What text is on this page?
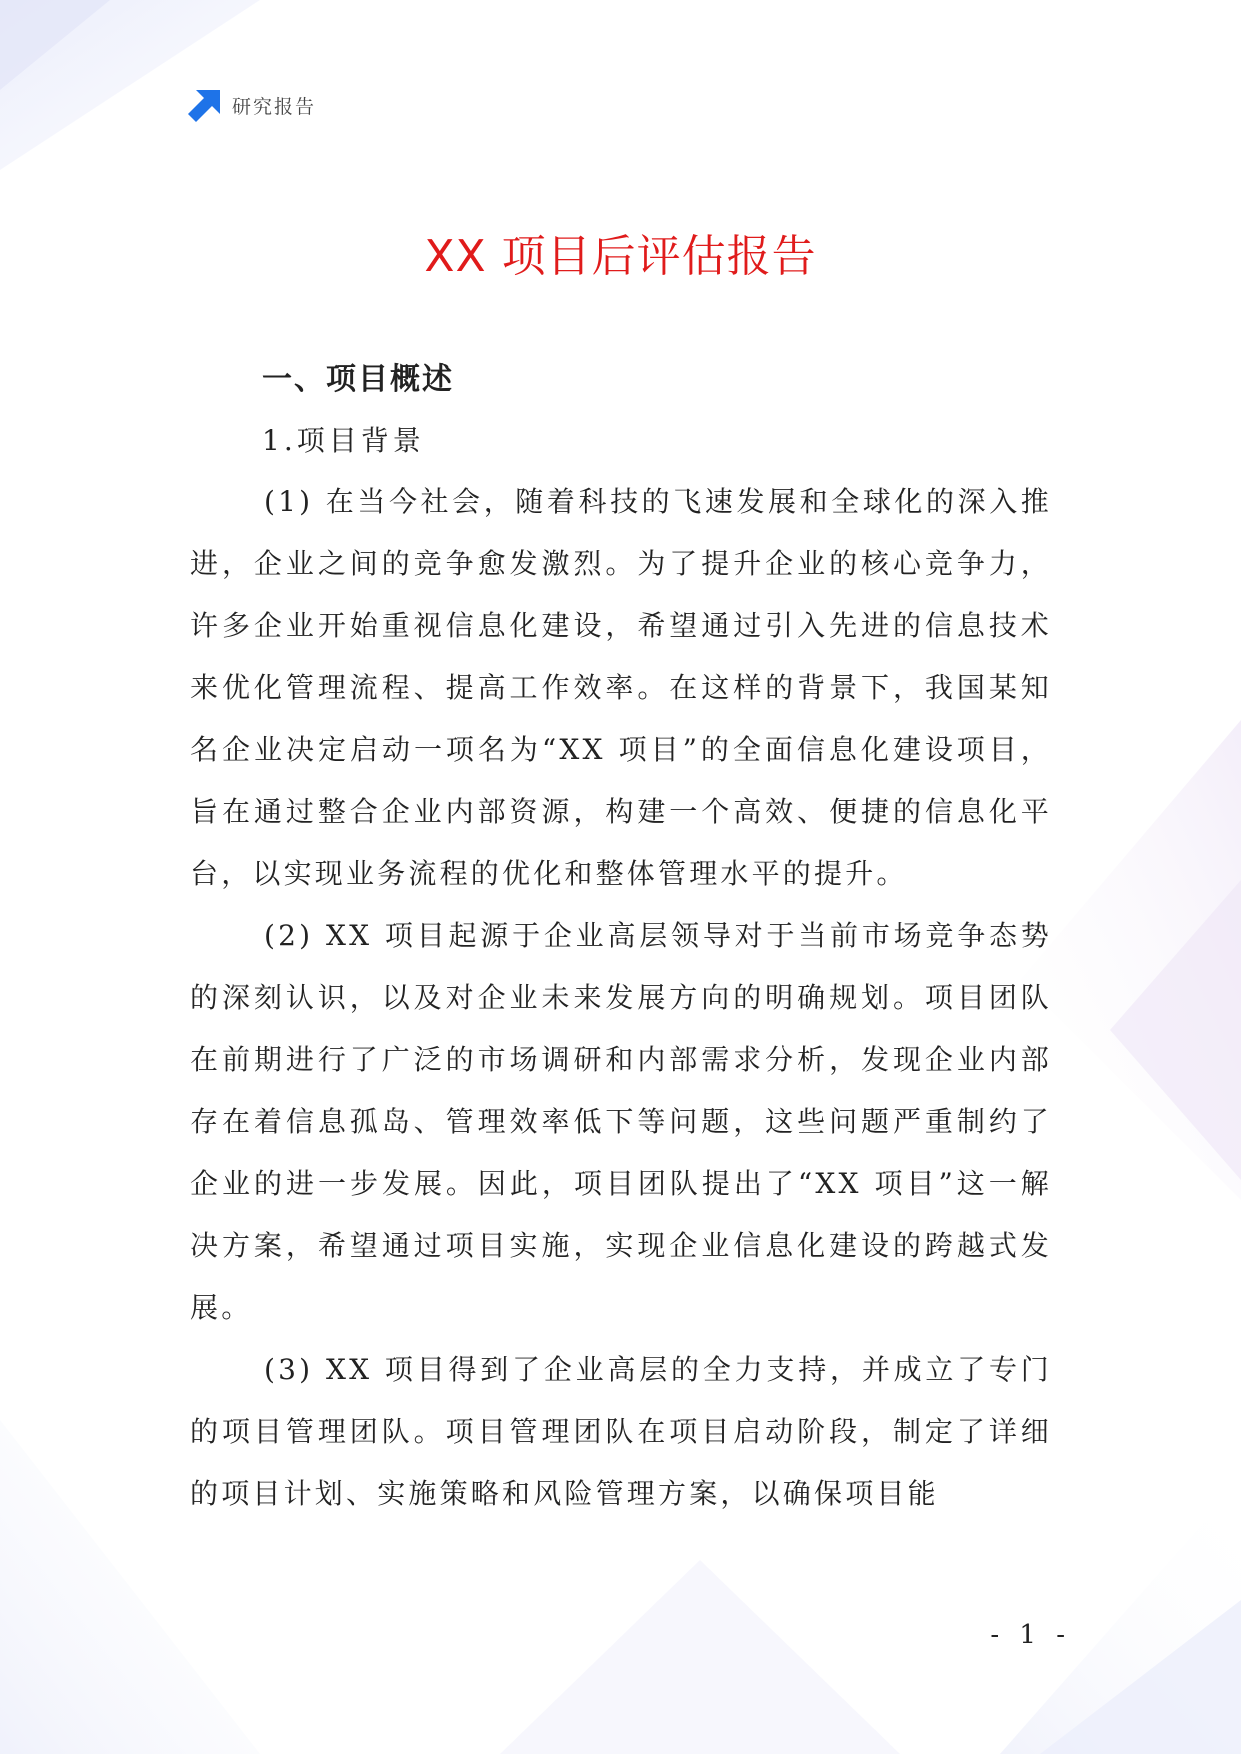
研究报告
XX 项目后评估报告
一、项目概述
1.项目背景

(1) 在当今社会，随着科技的飞速发展和全球化的深入推进，企业之间的竞争愈发激烈。为了提升企业的核心竞争力，许多企业开始重视信息化建设，希望通过引入先进的信息技术来优化管理流程、提高工作效率。在这样的背景下，我国某知名企业决定启动一项名为“XX 项目”的全面信息化建设项目，旨在通过整合企业内部资源，构建一个高效、便捷的信息化平台，以实现业务流程的优化和整体管理水平的提升。

(2) XX 项目起源于企业高层领导对于当前市场竞争态势的深刻认识，以及对企业未来发展方向的明确规划。项目团队在前期进行了广泛的市场调研和内部需求分析，发现企业内部存在着信息孤岛、管理效率低下等问题，这些问题严重制约了企业的进一步发展。因此，项目团队提出了“XX 项目”这一解决方案，希望通过项目实施，实现企业信息化建设的跨越式发展。

(3) XX 项目得到了企业高层的全力支持，并成立了专门的项目管理团队。项目管理团队在项目启动阶段，制定了详细的项目计划、实施策略和风险管理方案，以确保项目能

- 1 -
